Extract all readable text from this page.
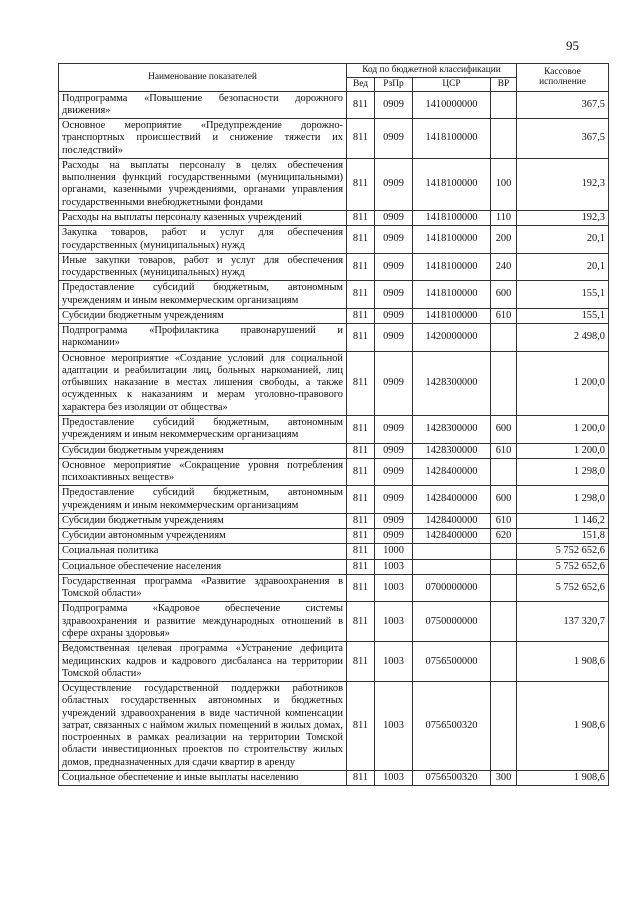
95
Наименование показателей	Код по бюджетной классификации				Кассовое исполнение
	Вед	РзПр	ЦСР	ВР	
Подпрограмма «Повышение безопасности дорожного движения»	811	0909	1410000000		367,5
Основное мероприятие «Предупреждение дорожно-транспортных происшествий и снижение тяжести их последствий»	811	0909	1418100000		367,5
Расходы на выплаты персоналу в целях обеспечения выполнения функций государственными (муниципальными) органами, казенными учреждениями, органами управления государственными внебюджетными фондами	811	0909	1418100000	100	192,3
Расходы на выплаты персоналу казенных учреждений	811	0909	1418100000	110	192,3
Закупка товаров, работ и услуг для обеспечения государственных (муниципальных) нужд	811	0909	1418100000	200	20,1
Иные закупки товаров, работ и услуг для обеспечения государственных (муниципальных) нужд	811	0909	1418100000	240	20,1
Предоставление субсидий бюджетным, автономным учреждениям и иным некоммерческим организациям	811	0909	1418100000	600	155,1
Субсидии бюджетным учреждениям	811	0909	1418100000	610	155,1
Подпрограмма «Профилактика правонарушений и наркомании»	811	0909	1420000000		2 498,0
Основное мероприятие «Создание условий для социальной адаптации и реабилитации лиц, больных наркоманией, лиц отбывших наказание в местах лишения свободы, а также осужденных к наказаниям и мерам уголовно-правового характера без изоляции от общества»	811	0909	1428300000		1 200,0
Предоставление субсидий бюджетным, автономным учреждениям и иным некоммерческим организациям	811	0909	1428300000	600	1 200,0
Субсидии бюджетным учреждениям	811	0909	1428300000	610	1 200,0
Основное мероприятие «Сокращение уровня потребления психоактивных веществ»	811	0909	1428400000		1 298,0
Предоставление субсидий бюджетным, автономным учреждениям и иным некоммерческим организациям	811	0909	1428400000	600	1 298,0
Субсидии бюджетным учреждениям	811	0909	1428400000	610	1 146,2
Субсидии автономным учреждениям	811	0909	1428400000	620	151,8
Социальная политика	811	1000			5 752 652,6
Социальное обеспечение населения	811	1003			5 752 652,6
Государственная программа «Развитие здравоохранения в Томской области»	811	1003	0700000000		5 752 652,6
Подпрограмма «Кадровое обеспечение системы здравоохранения и развитие международных отношений в сфере охраны здоровья»	811	1003	0750000000		137 320,7
Ведомственная целевая программа «Устранение дефицита медицинских кадров и кадрового дисбаланса на территории Томской области»	811	1003	0756500000		1 908,6
Осуществление государственной поддержки работников областных государственных автономных и бюджетных учреждений здравоохранения в виде частичной компенсации затрат, связанных с наймом жилых помещений в жилых домах, построенных в рамках реализации на территории Томской области инвестиционных проектов по строительству жилых домов, предназначенных для сдачи квартир в аренду	811	1003	0756500320		1 908,6
Социальное обеспечение и иные выплаты населению	811	1003	0756500320	300	1 908,6
